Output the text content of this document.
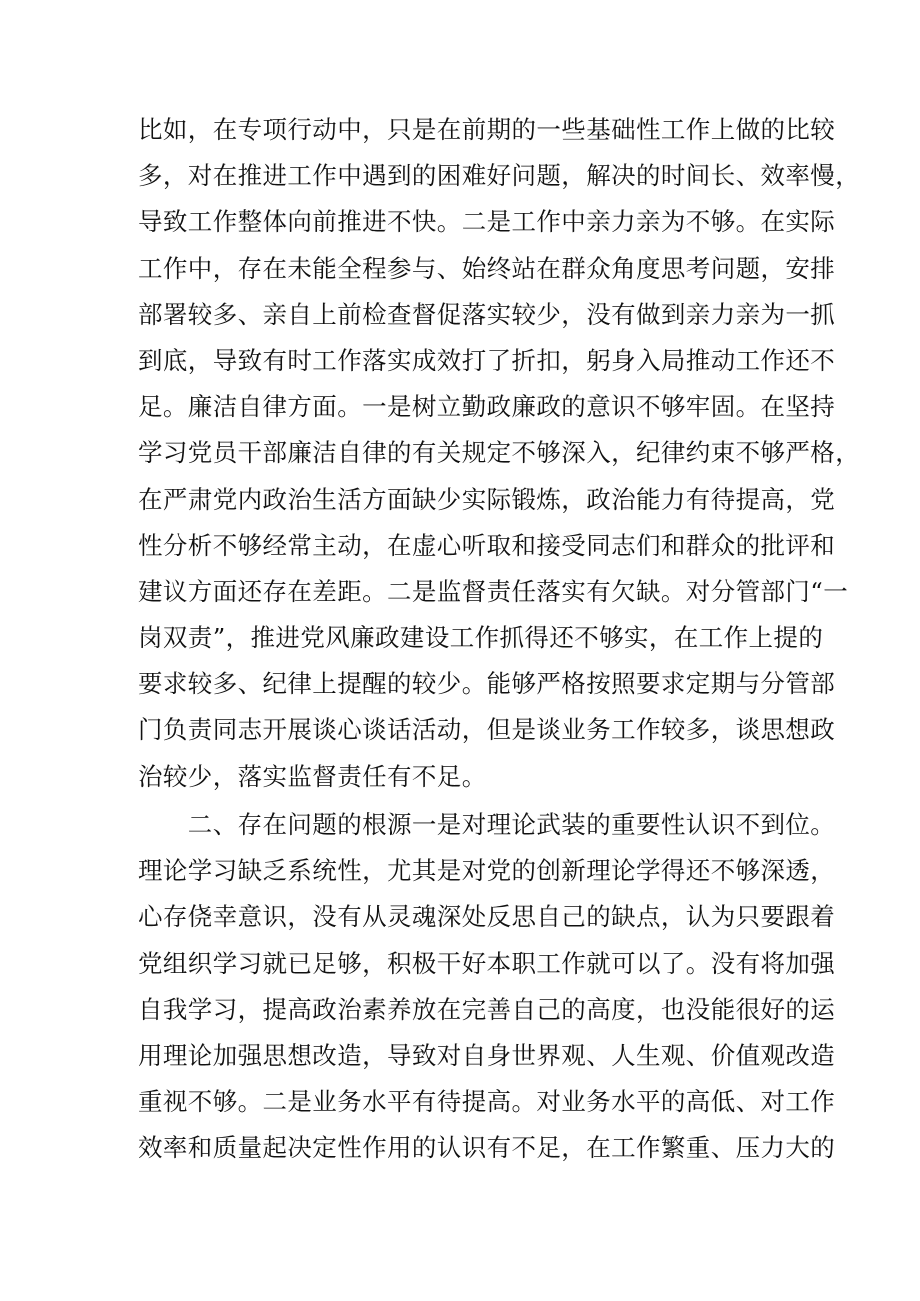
比如，在专项行动中，只是在前期的一些基础性工作上做的比较
多，对在推进工作中遇到的困难好问题，解决的时间长、效率慢，
导致工作整体向前推进不快。二是工作中亲力亲为不够。在实际
工作中，存在未能全程参与、始终站在群众角度思考问题，安排
部署较多、亲自上前检查督促落实较少，没有做到亲力亲为一抓
到底，导致有时工作落实成效打了折扣，躬身入局推动工作还不
足。廉洁自律方面。一是树立勤政廉政的意识不够牢固。在坚持
学习党员干部廉洁自律的有关规定不够深入，纪律约束不够严格，
在严肃党内政治生活方面缺少实际锻炼，政治能力有待提高，党
性分析不够经常主动，在虚心听取和接受同志们和群众的批评和
建议方面还存在差距。二是监督责任落实有欠缺。对分管部门“一
岗双责”，推进党风廉政建设工作抓得还不够实，在工作上提的
要求较多、纪律上提醒的较少。能够严格按照要求定期与分管部
门负责同志开展谈心谈话活动，但是谈业务工作较多，谈思想政
治较少，落实监督责任有不足。
　　二、存在问题的根源一是对理论武装的重要性认识不到位。
理论学习缺乏系统性，尤其是对党的创新理论学得还不够深透，
心存侥幸意识，没有从灵魂深处反思自己的缺点，认为只要跟着
党组织学习就已足够，积极干好本职工作就可以了。没有将加强
自我学习，提高政治素养放在完善自己的高度，也没能很好的运
用理论加强思想改造，导致对自身世界观、人生观、价值观改造
重视不够。二是业务水平有待提高。对业务水平的高低、对工作
效率和质量起决定性作用的认识有不足，在工作繁重、压力大的
